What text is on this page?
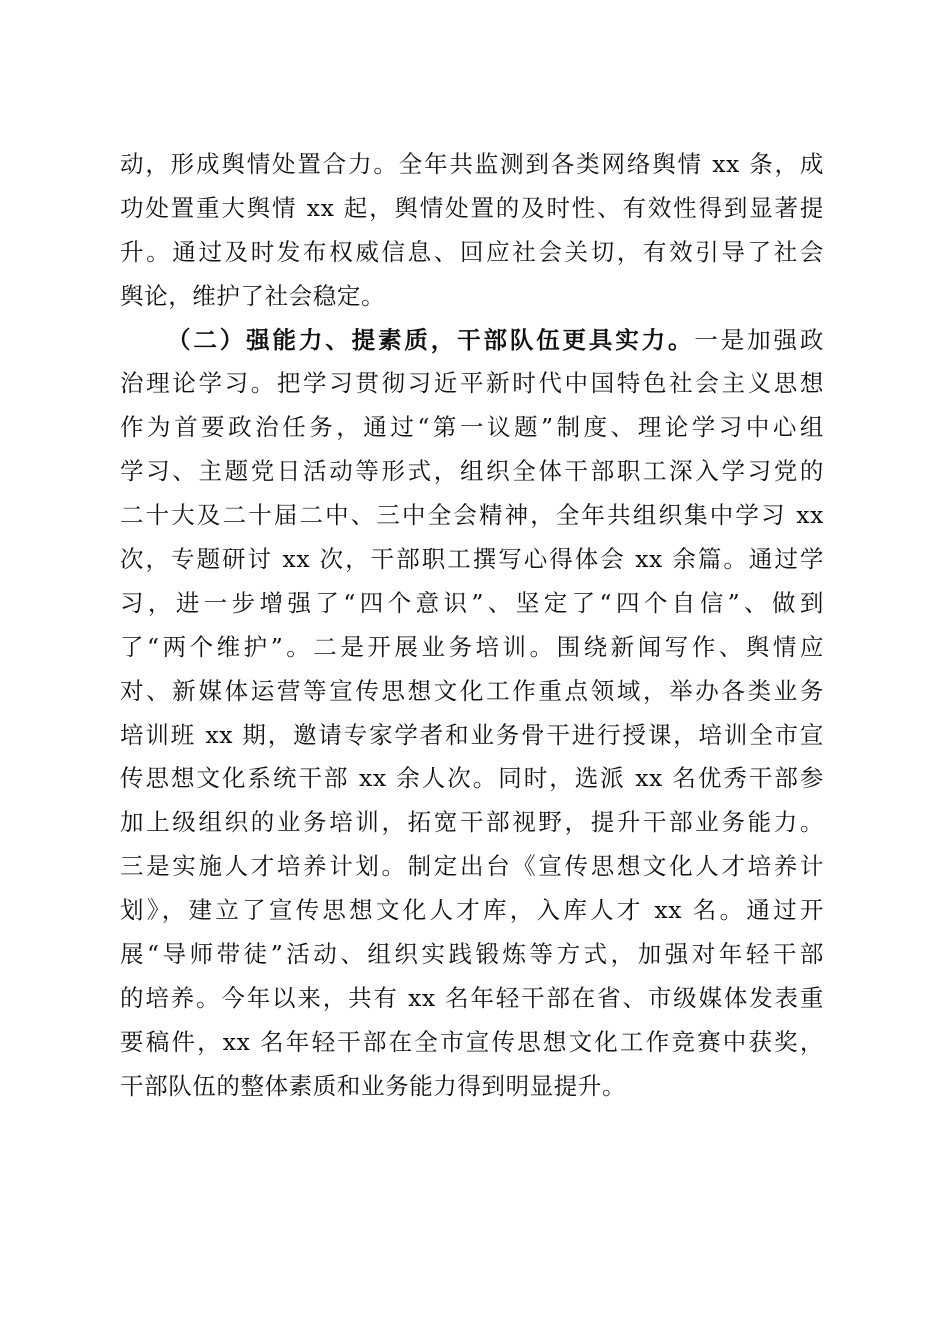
动，形成舆情处置合力。全年共监测到各类网络舆情 xx 条，成
功处置重大舆情 xx 起，舆情处置的及时性、有效性得到显著提
升。通过及时发布权威信息、回应社会关切，有效引导了社会
舆论，维护了社会稳定。
（二）强能力、提素质，干部队伍更具实力。一是加强政
治理论学习。把学习贯彻习近平新时代中国特色社会主义思想
作为首要政治任务，通过“第一议题”制度、理论学习中心组
学习、主题党日活动等形式，组织全体干部职工深入学习党的
二十大及二十届二中、三中全会精神，全年共组织集中学习 xx
次，专题研讨 xx 次，干部职工撰写心得体会 xx 余篇。通过学
习，进一步增强了“四个意识”、坚定了“四个自信”、做到
了“两个维护”。二是开展业务培训。围绕新闻写作、舆情应
对、新媒体运营等宣传思想文化工作重点领域，举办各类业务
培训班 xx 期，邀请专家学者和业务骨干进行授课，培训全市宣
传思想文化系统干部 xx 余人次。同时，选派 xx 名优秀干部参
加上级组织的业务培训，拓宽干部视野，提升干部业务能力。
三是实施人才培养计划。制定出台《宣传思想文化人才培养计
划》，建立了宣传思想文化人才库，入库人才 xx 名。通过开
展“导师带徒”活动、组织实践锻炼等方式，加强对年轻干部
的培养。今年以来，共有 xx 名年轻干部在省、市级媒体发表重
要稿件，xx 名年轻干部在全市宣传思想文化工作竞赛中获奖，
干部队伍的整体素质和业务能力得到明显提升。
